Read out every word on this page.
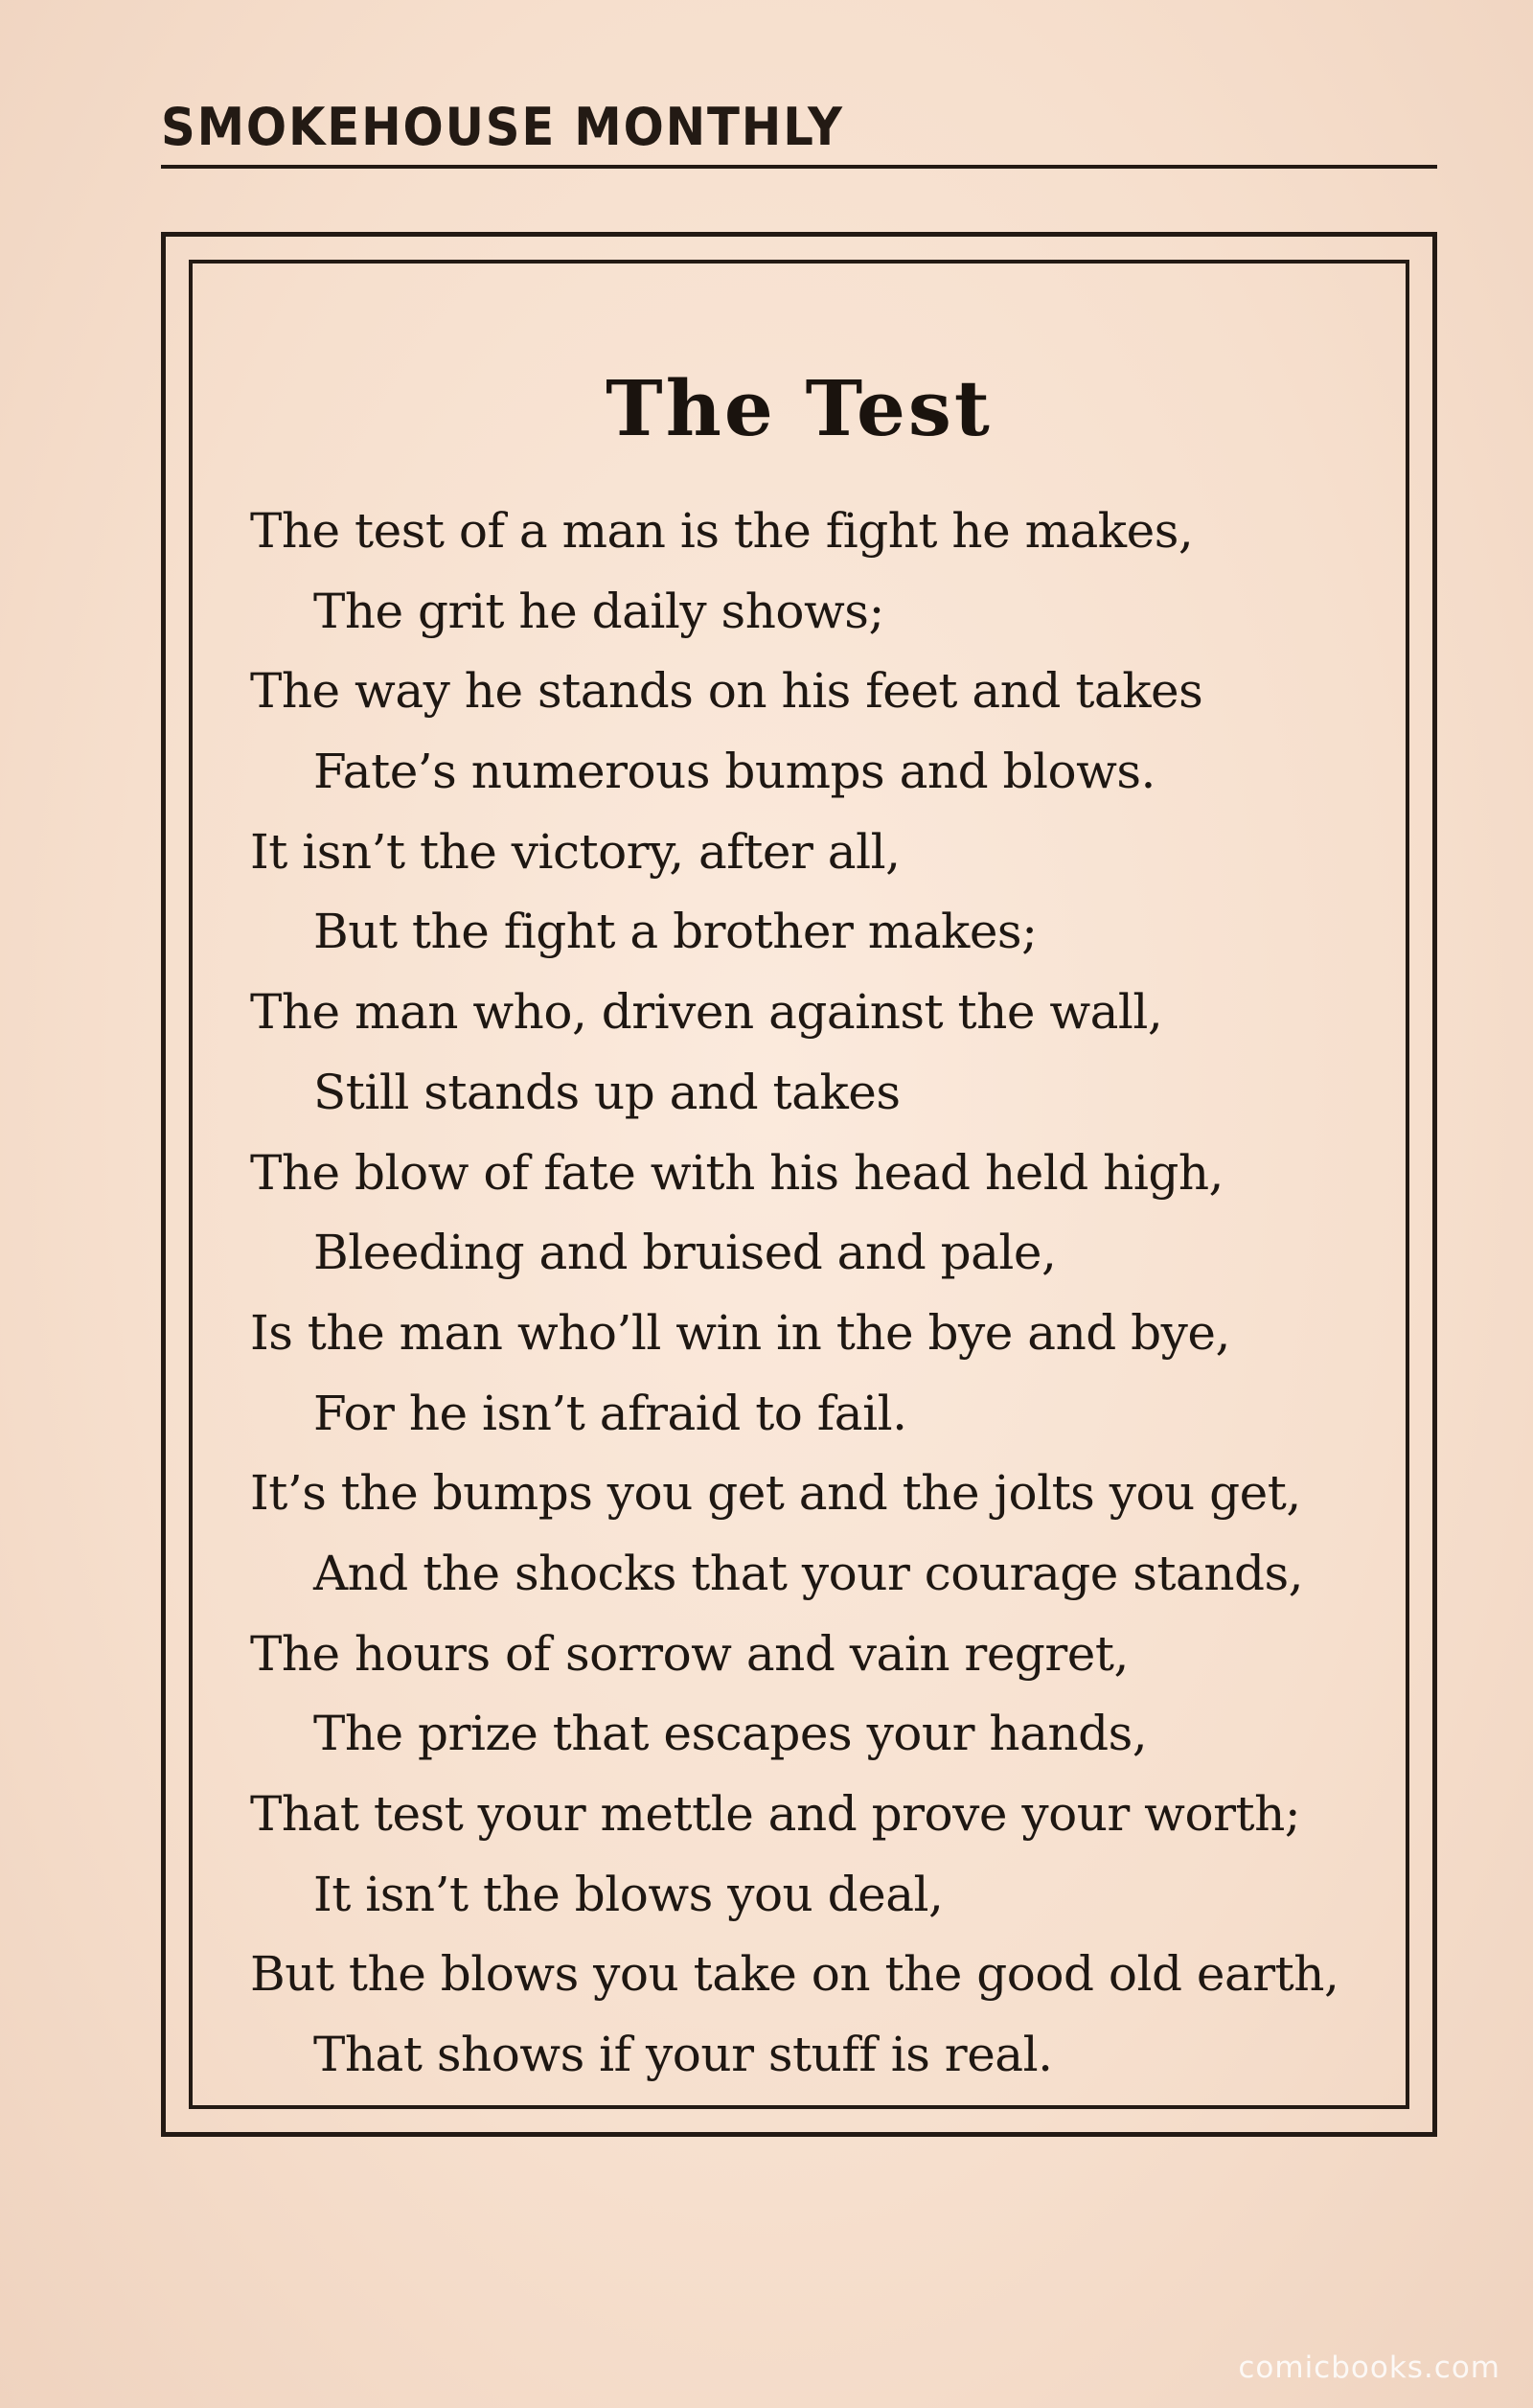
SMOKEHOUSE MONTHLY
The Test
The test of a man is the fight he makes,
The grit he daily shows;
The way he stands on his feet and takes
Fate’s numerous bumps and blows.
It isn’t the victory, after all,
But the fight a brother makes;
The man who, driven against the wall,
Still stands up and takes
The blow of fate with his head held high,
Bleeding and bruised and pale,
Is the man who’ll win in the bye and bye,
For he isn’t afraid to fail.
It’s the bumps you get and the jolts you get,
And the shocks that your courage stands,
The hours of sorrow and vain regret,
The prize that escapes your hands,
That test your mettle and prove your worth;
It isn’t the blows you deal,
But the blows you take on the good old earth,
That shows if your stuff is real.
comicbooks.com
